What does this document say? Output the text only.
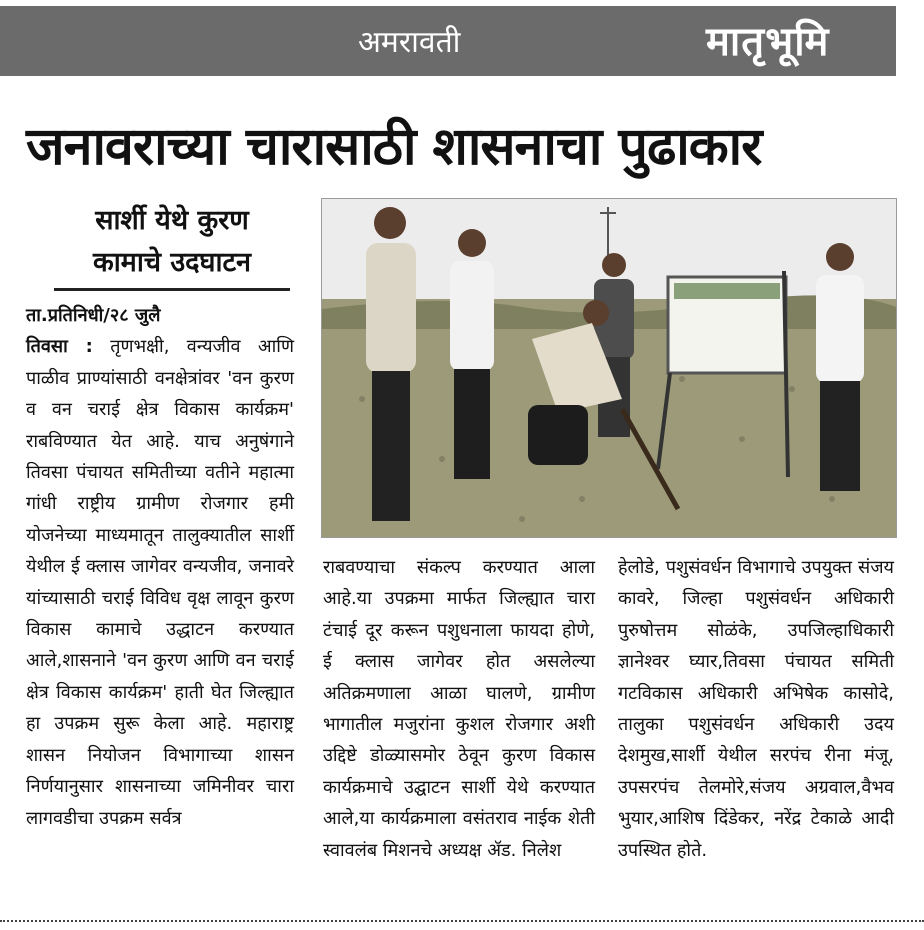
अमरावती	मातृभूमि
जनावराच्या चारासाठी शासनाचा पुढाकार
सार्शी येथे कुरण
कामाचे उदघाटन

ता.प्रतिनिधी/२८ जुलै

तिवसा : तृणभक्षी, वन्यजीव आणि पाळीव प्राण्यांसाठी वनक्षेत्रांवर 'वन कुरण व वन चराई क्षेत्र विकास कार्यक्रम' राबविण्यात येत आहे. याच अनुषंगाने तिवसा पंचायत समितीच्या वतीने महात्मा गांधी राष्ट्रीय ग्रामीण रोजगार हमी योजनेच्या माध्यमातून तालुक्यातील सार्शी येथील ई क्लास जागेवर वन्यजीव, जनावरे यांच्यासाठी चराई विविध वृक्ष लावून कुरण विकास कामाचे उद्धाटन करण्यात आले,शासनाने 'वन कुरण आणि वन चराई क्षेत्र विकास कार्यक्रम' हाती घेत जिल्ह्यात हा उपक्रम सुरू केला आहे. महाराष्ट्र शासन नियोजन विभागाच्या शासन निर्णयानुसार शासनाच्या जमिनीवर चारा लागवडीचा उपक्रम सर्वत्र

राबवण्याचा संकल्प करण्यात आला आहे.या उपक्रमा मार्फत जिल्ह्यात चारा टंचाई दूर करून पशुधनाला फायदा होणे, ई क्लास जागेवर होत असलेल्या अतिक्रमणाला आळा घालणे, ग्रामीण भागातील मजुरांना कुशल रोजगार अशी उद्दिष्टे डोळ्यासमोर ठेवून कुरण विकास कार्यक्रमाचे उद्घाटन सार्शी येथे करण्यात आले,या कार्यक्रमाला वसंतराव नाईक शेती स्वावलंब मिशनचे अध्यक्ष ॲड. निलेश

हेलोडे, पशुसंवर्धन विभागाचे उपयुक्त संजय कावरे, जिल्हा पशुसंवर्धन अधिकारी पुरुषोत्तम सोळंके, उपजिल्हाधिकारी ज्ञानेश्वर घ्यार,तिवसा पंचायत समिती गटविकास अधिकारी अभिषेक कासोदे, तालुका पशुसंवर्धन अधिकारी उदय देशमुख,सार्शी येथील सरपंच रीना मंजू, उपसरपंच तेलमोरे,संजय अग्रवाल,वैभव भुयार,आशिष दिंडेकर, नरेंद्र टेकाळे आदी उपस्थित होते.
